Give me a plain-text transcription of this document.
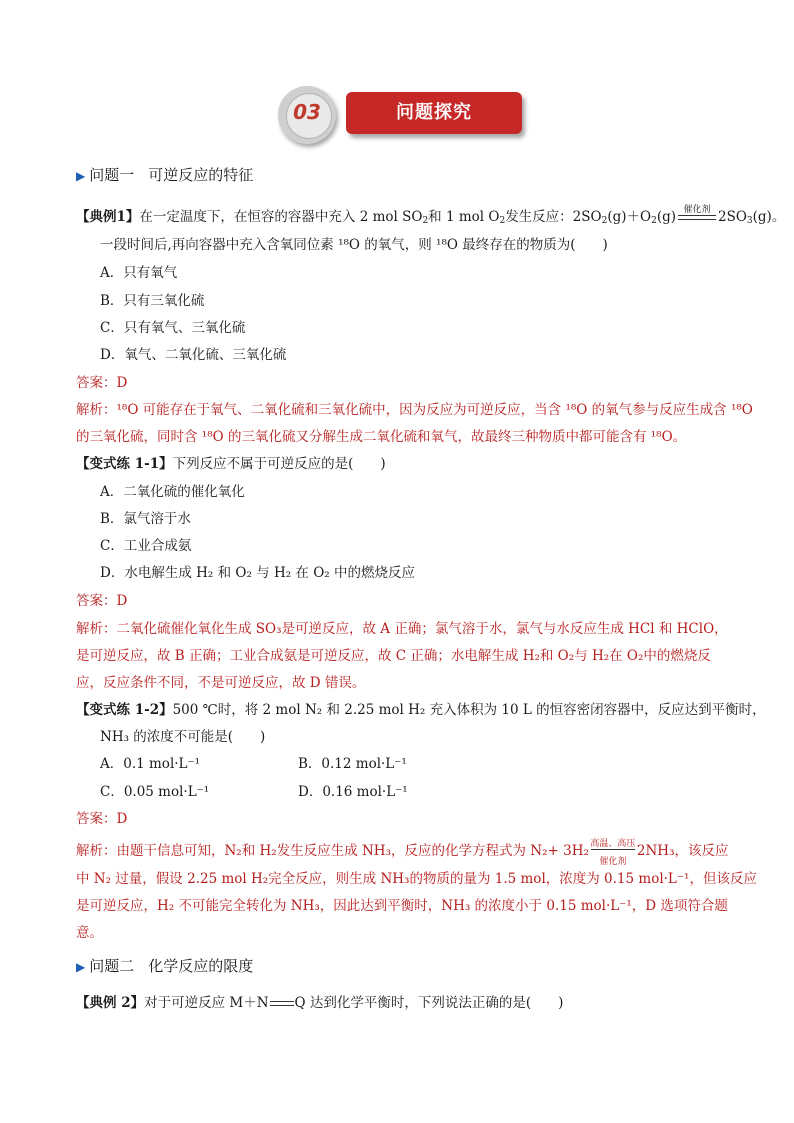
03	问题探究
▶ 问题一 可逆反应的特征
【典例1】在一定温度下，在恒容的容器中充入 2 mol $SO_2$和 1 mol $O_2$发生反应：$2SO_2(g)+O_2(g)$ 催化剂 $2SO_3(g)$。
一段时间后,再向容器中充入含氧同位素 ¹⁸O 的氧气，则 ¹⁸O 最终存在的物质为(　　)
A．只有氧气
B．只有三氧化硫
C．只有氧气、三氧化硫
D．氧气、二氧化硫、三氧化硫
答案：D
解析：¹⁸O 可能存在于氧气、二氧化硫和三氧化硫中，因为反应为可逆反应，当含 ¹⁸O 的氧气参与反应生成含 ¹⁸O
的三氧化硫，同时含 ¹⁸O 的三氧化硫又分解生成二氧化硫和氧气，故最终三种物质中都可能含有 ¹⁸O。
【变式练 1-1】下列反应不属于可逆反应的是(　　)
A．二氧化硫的催化氧化
B．氯气溶于水
C．工业合成氨
D．水电解生成 H₂ 和 O₂ 与 H₂ 在 O₂ 中的燃烧反应
答案：D
解析：二氧化硫催化氧化生成 SO₃是可逆反应，故 A 正确；氯气溶于水，氯气与水反应生成 HCl 和 HClO，
是可逆反应，故 B 正确；工业合成氨是可逆反应，故 C 正确；水电解生成 H₂和 O₂与 H₂在 O₂中的燃烧反
应，反应条件不同，不是可逆反应，故 D 错误。
【变式练 1-2】500 ℃时，将 2 mol N₂ 和 2.25 mol H₂ 充入体积为 10 L 的恒容密闭容器中，反应达到平衡时，
NH₃ 的浓度不可能是(　　)
A．0.1 mol·L⁻¹	B．0.12 mol·L⁻¹
C．0.05 mol·L⁻¹	D．0.16 mol·L⁻¹
答案：D
解析：由题干信息可知，N₂和 H₂发生反应生成 NH₃，反应的化学方程式为 N₂+ 3H₂ 高温、高压
催化剂
2NH₃，该反应
中 N₂ 过量，假设 2.25 mol H₂完全反应，则生成 NH₃的物质的量为 1.5 mol，浓度为 0.15 mol·L⁻¹，但该反应
是可逆反应，H₂ 不可能完全转化为 NH₃，因此达到平衡时，NH₃ 的浓度小于 0.15 mol·L⁻¹，D 选项符合题
意。
▶ 问题二 化学反应的限度
【典例 2】对于可逆反应 M＋N Q 达到化学平衡时，下列说法正确的是(　　)
